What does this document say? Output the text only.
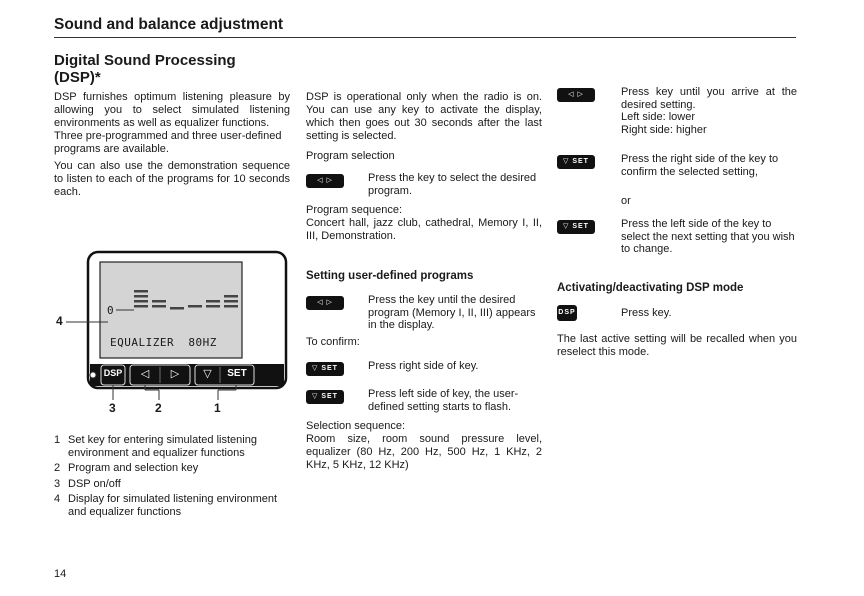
Sound and balance adjustment
Digital Sound Processing
(DSP)*

DSP furnishes optimum listening pleasure by allowing you to select simulated listening environments as well as equalizer functions.

Three pre-programmed and three user-defined programs are available.

You can also use the demonstration sequence to listen to each of the programs for 10 seconds each.

0
EQUALIZER  80HZ
DSP	◁	▷	▽	SET
4
3	2	1
1 Set key for entering simulated listening environment and equalizer functions
2 Program and selection key
3 DSP on/off
4 Display for simulated listening environment and equalizer functions
DSP is operational only when the radio is on. You can use any key to activate the display, which then goes out 30 seconds after the last setting is selected.
Program selection
◁ ▷	Press the key to select the desired program.
Program sequence:
Concert hall, jazz club, cathedral, Memory I, II, III, Demonstration.
Setting user-defined programs
◁ ▷	Press the key until the desired program (Memory I, II, III) appears in the display.
To confirm:
▽ SET	Press right side of key.
▽ SET	Press left side of key, the user-defined setting starts to flash.
Selection sequence:
Room size, room sound pressure level, equalizer (80 Hz, 200 Hz, 500 Hz, 1 KHz, 2 KHz, 5 KHz, 12 KHz)
◁ ▷	Press key until you arrive at the desired setting.
Left side: lower
Right side: higher
▽ SET	Press the right side of the key to confirm the selected setting,
or
▽ SET	Press the left side of the key to select the next setting that you wish to change.
Activating/deactivating DSP mode
DSP	Press key.
The last active setting will be recalled when you reselect this mode.
14
